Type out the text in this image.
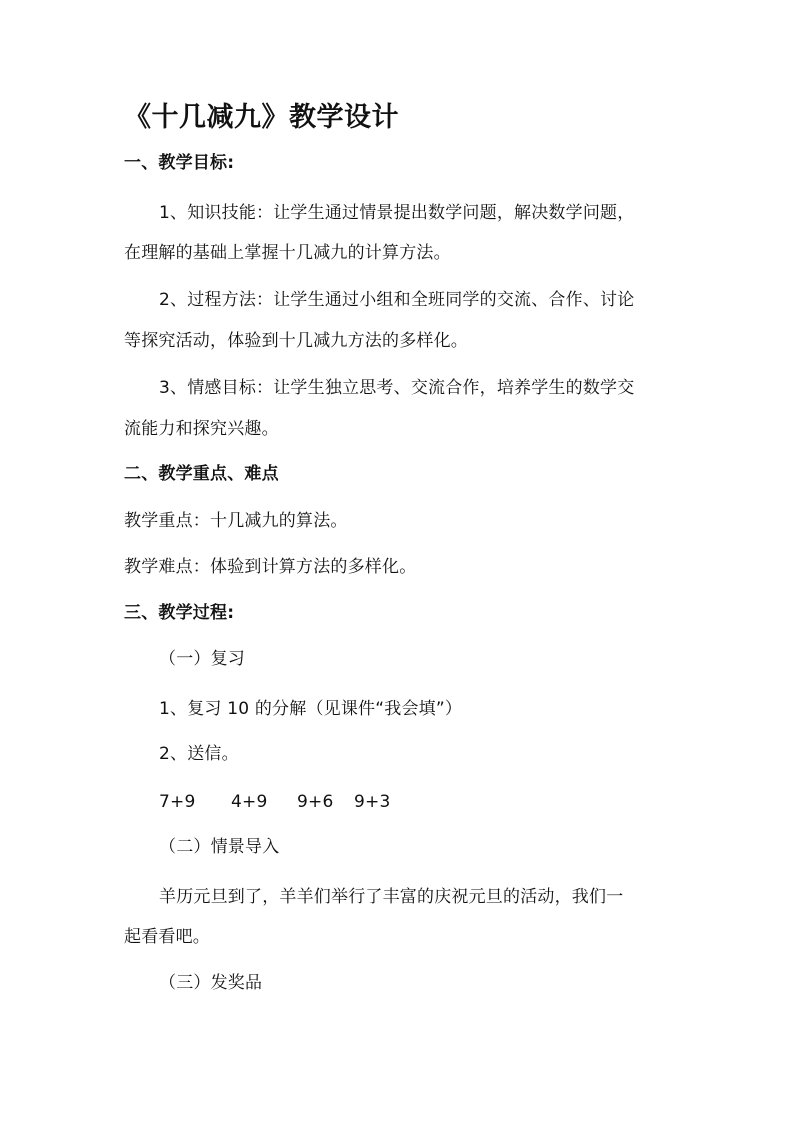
《十几减九》教学设计
一、教学目标:
1、知识技能：让学生通过情景提出数学问题，解决数学问题，
在理解的基础上掌握十几减九的计算方法。
2、过程方法：让学生通过小组和全班同学的交流、合作、讨论
等探究活动，体验到十几减九方法的多样化。
3、情感目标：让学生独立思考、交流合作，培养学生的数学交
流能力和探究兴趣。
二、教学重点、难点
教学重点：十几减九的算法。
教学难点：体验到计算方法的多样化。
三、教学过程:
（一）复习
1、复习 10 的分解（见课件“我会填”）
2、送信。
7+9 4+9 9+6 9+3
（二）情景导入
羊历元旦到了，羊羊们举行了丰富的庆祝元旦的活动，我们一
起看看吧。
（三）发奖品
